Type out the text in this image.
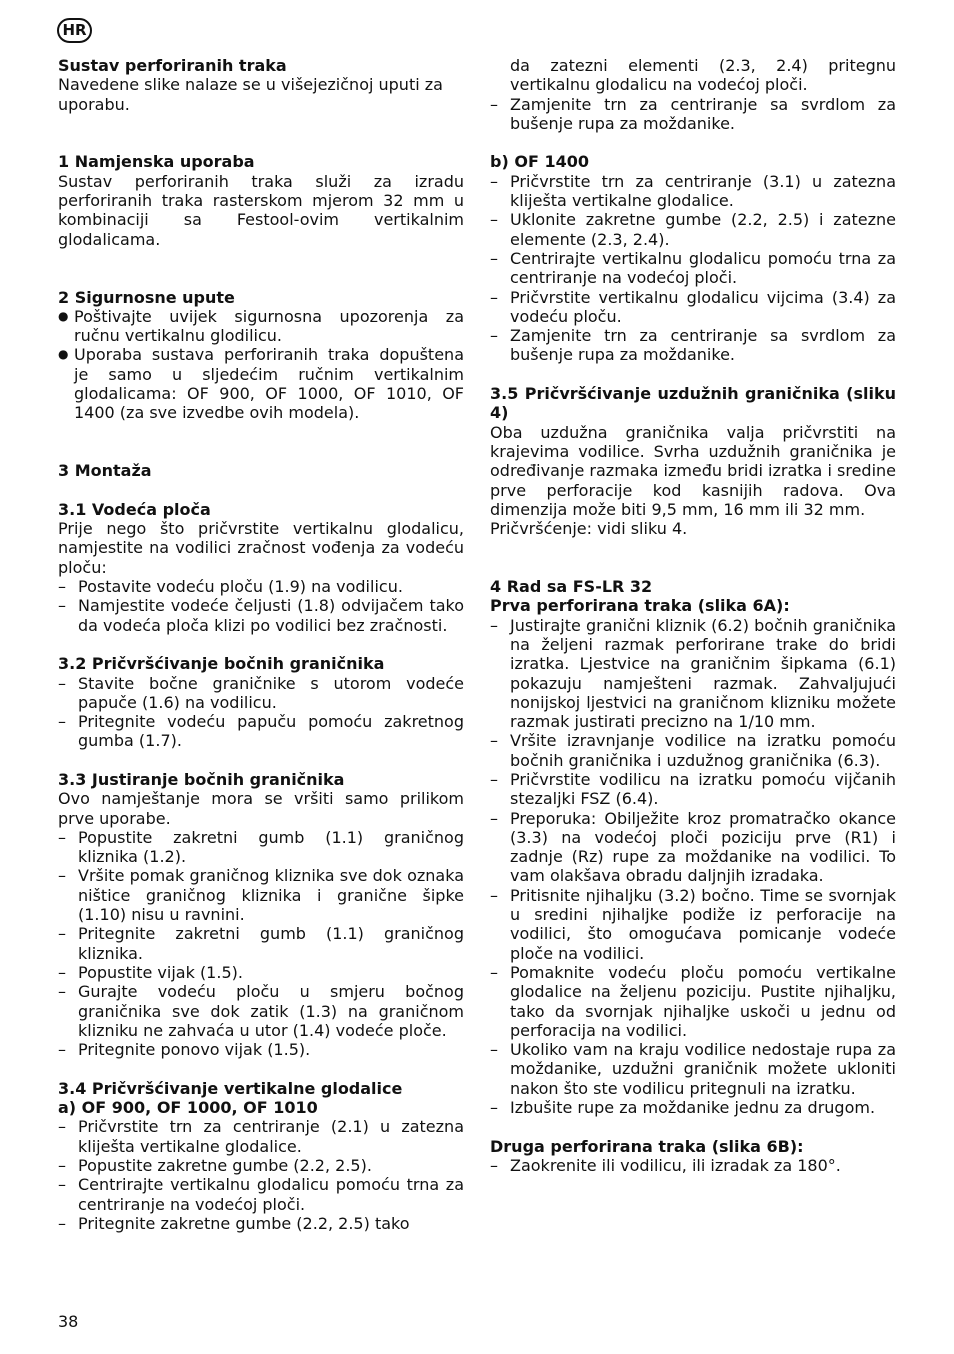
HR

Sustav perforiranih traka

Navedene slike nalaze se u višejezičnoj uputi za uporabu.

1 Namjenska uporaba

Sustav perforiranih traka služi za izradu perforiranih traka rasterskom mjerom 32 mm u kombinaciji sa Festool-ovim vertikalnim glodalicama.

2 Sigurnosne upute

● Poštivajte uvijek sigurnosna upozorenja za ručnu vertikalnu glodilicu.
● Uporaba sustava perforiranih traka dopuštena je samo u sljedećim ručnim vertikalnim glodalicama: OF 900, OF 1000, OF 1010, OF 1400 (za sve izvedbe ovih modela).

3 Montaža

3.1 Vodeća ploča

Prije nego što pričvrstite vertikalnu glodalicu, namjestite na vodilici zračnost vođenja za vodeću ploču:

– Postavite vodeću ploču (1.9) na vodilicu.
– Namjestite vodeće čeljusti (1.8) odvijačem tako da vodeća ploča klizi po vodilici bez zračnosti.

3.2 Pričvršćivanje bočnih graničnika

– Stavite bočne graničnike s utorom vodeće papuče (1.6) na vodilicu.
– Pritegnite vodeću papuču pomoću zakretnog gumba (1.7).

3.3 Justiranje bočnih graničnika

Ovo namještanje mora se vršiti samo prilikom prve uporabe.

– Popustite zakretni gumb (1.1) graničnog kliznika (1.2).
– Vršite pomak graničnog kliznika sve dok oznaka ništice graničnog kliznika i graničnе šipke (1.10) nisu u ravnini.
– Pritegnite zakretni gumb (1.1) graničnog kliznika.
– Popustite vijak (1.5).
– Gurajte vodeću ploču u smjeru bočnog graničnika sve dok zatik (1.3) na graničnom klizniku ne zahvaća u utor (1.4) vodeće ploče.
– Pritegnite ponovo vijak (1.5).

3.4 Pričvršćivanje vertikalne glodalice

a) OF 900, OF 1000, OF 1010

– Pričvrstite trn za centriranje (2.1) u zatezna kliješta vertikalne glodalice.
– Popustite zakretne gumbe (2.2, 2.5).
– Centrirajte vertikalnu glodalicu pomoću trna za centriranje na vodećoj ploči.
– Pritegnite zakretne gumbe (2.2, 2.5) tako

da zatezni elementi (2.3, 2.4) pritegnu vertikalnu glodalicu na vodećoj ploči.

– Zamjenite trn za centriranje sa svrdlom za bušenje rupa za moždanike.

b) OF 1400

– Pričvrstite trn za centriranje (3.1) u zatezna kliješta vertikalne glodalice.
– Uklonite zakretne gumbe (2.2, 2.5) i zatezne elemente (2.3, 2.4).
– Centrirajte vertikalnu glodalicu pomoću trna za centriranje na vodećoj ploči.
– Pričvrstite vertikalnu glodalicu vijcima (3.4) za vodeću ploču.
– Zamjenite trn za centriranje sa svrdlom za bušenje rupa za moždanike.

3.5 Pričvršćivanje uzdužnih graničnika (sliku 4)

Oba uzdužna graničnika valja pričvrstiti na krajevima vodilice. Svrha uzdužnih graničnika je određivanje razmaka između bridi izratka i sredine prve perforacije kod kasnijih radova. Ova dimenzija može biti 9,5 mm, 16 mm ili 32 mm.

Pričvršćenje: vidi sliku 4.

4 Rad sa FS-LR 32

Prva perforirana traka (slika 6A):

– Justirajte granični kliznik (6.2) bočnih graničnika na željeni razmak perforirane trake do bridi izratka. Ljestvice na graničnim šipkama (6.1) pokazuju namješteni razmak. Zahvaljujući nonijskoj ljestvici na graničnom klizniku možete razmak justirati precizno na 1/10 mm.
– Vršite izravnjanje vodilice na izratku pomoću bočnih graničnika i uzdužnog graničnika (6.3).
– Pričvrstite vodilicu na izratku pomoću vijčanih stezaljki FSZ (6.4).
– Preporuka: Obilježite kroz promatračko okance (3.3) na vodećoj ploči poziciju prve (R1) i zadnje (Rz) rupe za moždanike na vodilici. To vam olakšava obradu daljnjih izradaka.
– Pritisnite njihaljku (3.2) bočno. Time se svornjak u sredini njihaljke podiže iz perforacije na vodilici, što omogućava pomicanje vodeće ploče na vodilici.
– Pomaknite vodeću ploču pomoću vertikalne glodalice na željenu poziciju. Pustite njihaljku, tako da svornjak njihaljke uskoči u jednu od perforacija na vodilici.
– Ukoliko vam na kraju vodilice nedostaje rupa za moždanike, uzdužni graničnik možete ukloniti nakon što ste vodilicu pritegnuli na izratku.
– Izbušite rupe za moždanike jednu za drugom.

Druga perforirana traka (slika 6B):

– Zaokrenite ili vodilicu, ili izradak za 180°.
38
